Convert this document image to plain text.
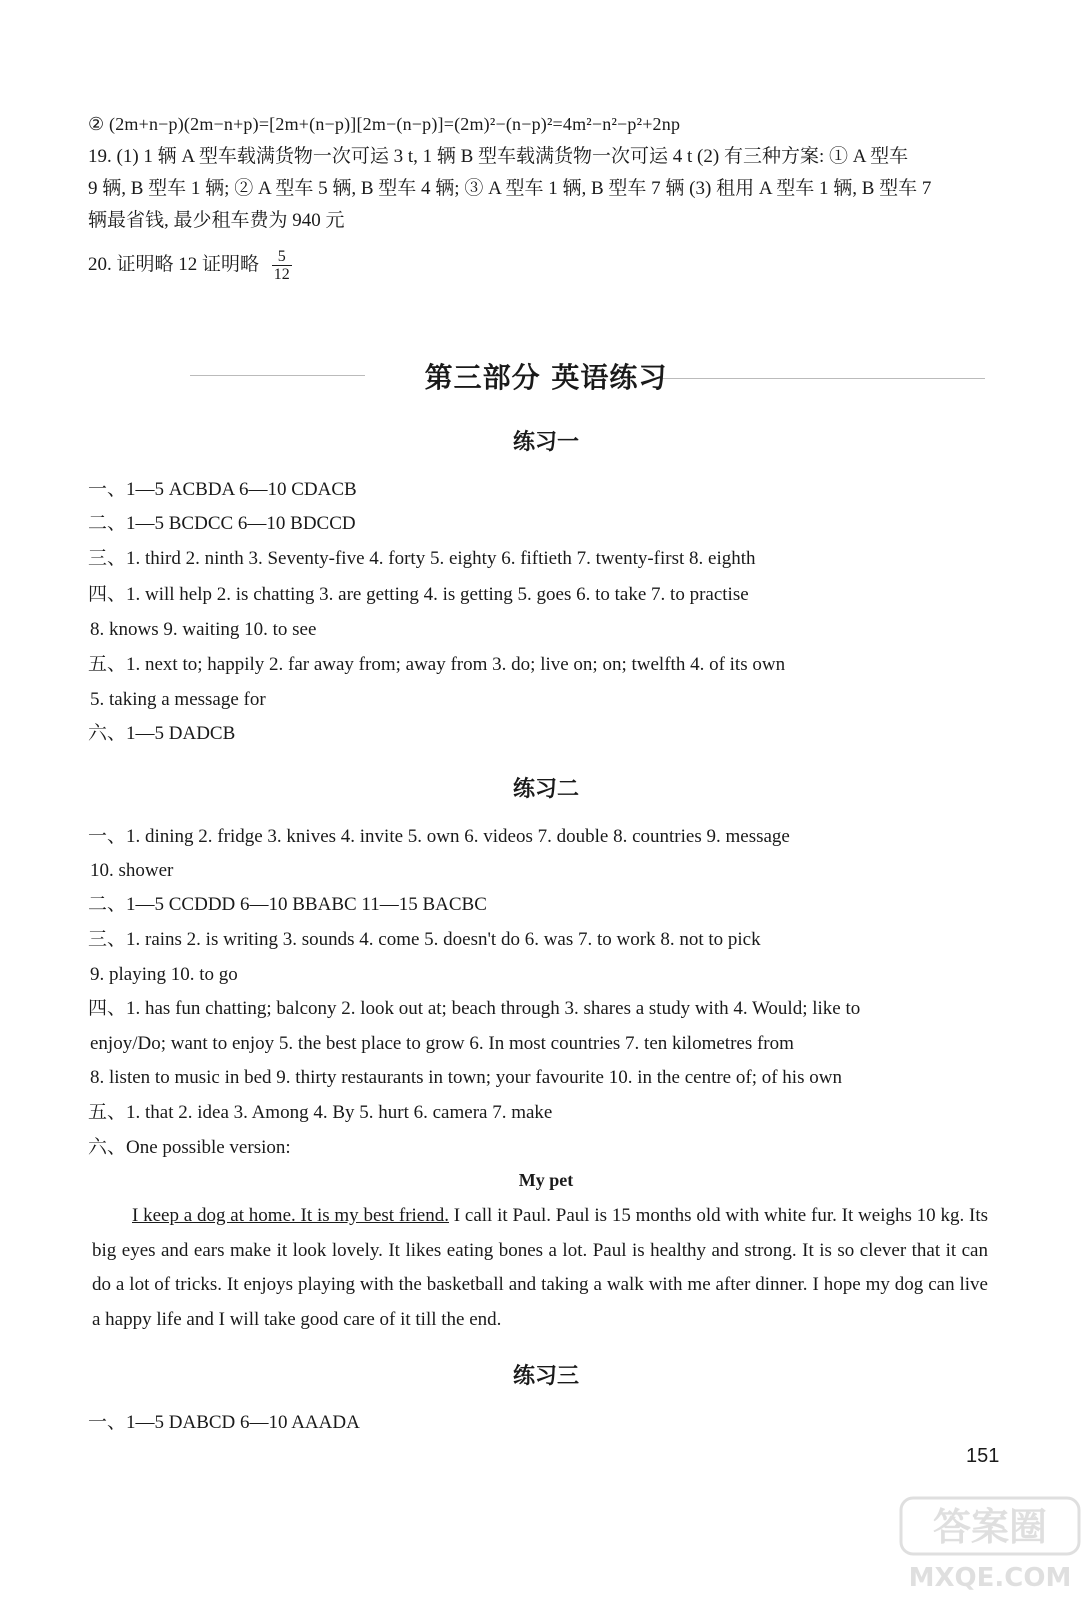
② (2m+n−p)(2m−n+p)=[2m+(n−p)][2m−(n−p)]=(2m)²−(n−p)²=4m²−n²−p²+2np
19. (1) 1 辆 A 型车载满货物一次可运 3 t, 1 辆 B 型车载满货物一次可运 4 t (2) 有三种方案: ① A 型车
9 辆, B 型车 1 辆; ② A 型车 5 辆, B 型车 4 辆; ③ A 型车 1 辆, B 型车 7 辆 (3) 租用 A 型车 1 辆, B 型车 7
辆最省钱, 最少租车费为 940 元
20. 证明略 12 证明略 $\frac{5}{12}$
第三部分 英语练习
练习一
一、1—5 ACBDA 6—10 CDACB
二、1—5 BCDCC 6—10 BDCCD
三、1. third 2. ninth 3. Seventy-five 4. forty 5. eighty 6. fiftieth 7. twenty-first 8. eighth
四、1. will help 2. is chatting 3. are getting 4. is getting 5. goes 6. to take 7. to practise
8. knows 9. waiting 10. to see
五、1. next to; happily 2. far away from; away from 3. do; live on; on; twelfth 4. of its own
5. taking a message for
六、1—5 DADCB
练习二
一、1. dining 2. fridge 3. knives 4. invite 5. own 6. videos 7. double 8. countries 9. message
10. shower
二、1—5 CCDDD 6—10 BBABC 11—15 BACBC
三、1. rains 2. is writing 3. sounds 4. come 5. doesn't do 6. was 7. to work 8. not to pick
9. playing 10. to go
四、1. has fun chatting; balcony 2. look out at; beach through 3. shares a study with 4. Would; like to
enjoy/Do; want to enjoy 5. the best place to grow 6. In most countries 7. ten kilometres from
8. listen to music in bed 9. thirty restaurants in town; your favourite 10. in the centre of; of his own
五、1. that 2. idea 3. Among 4. By 5. hurt 6. camera 7. make
六、One possible version:
My pet
I keep a dog at home. It is my best friend. I call it Paul. Paul is 15 months old with white fur. It weighs 10 kg. Its big eyes and ears make it look lovely. It likes eating bones a lot. Paul is healthy and strong. It is so clever that it can do a lot of tricks. It enjoys playing with the basketball and taking a walk with me after dinner. I hope my dog can live a happy life and I will take good care of it till the end.
练习三
一、1—5 DABCD 6—10 AAADA
151
答案圈
MXQE.COM
